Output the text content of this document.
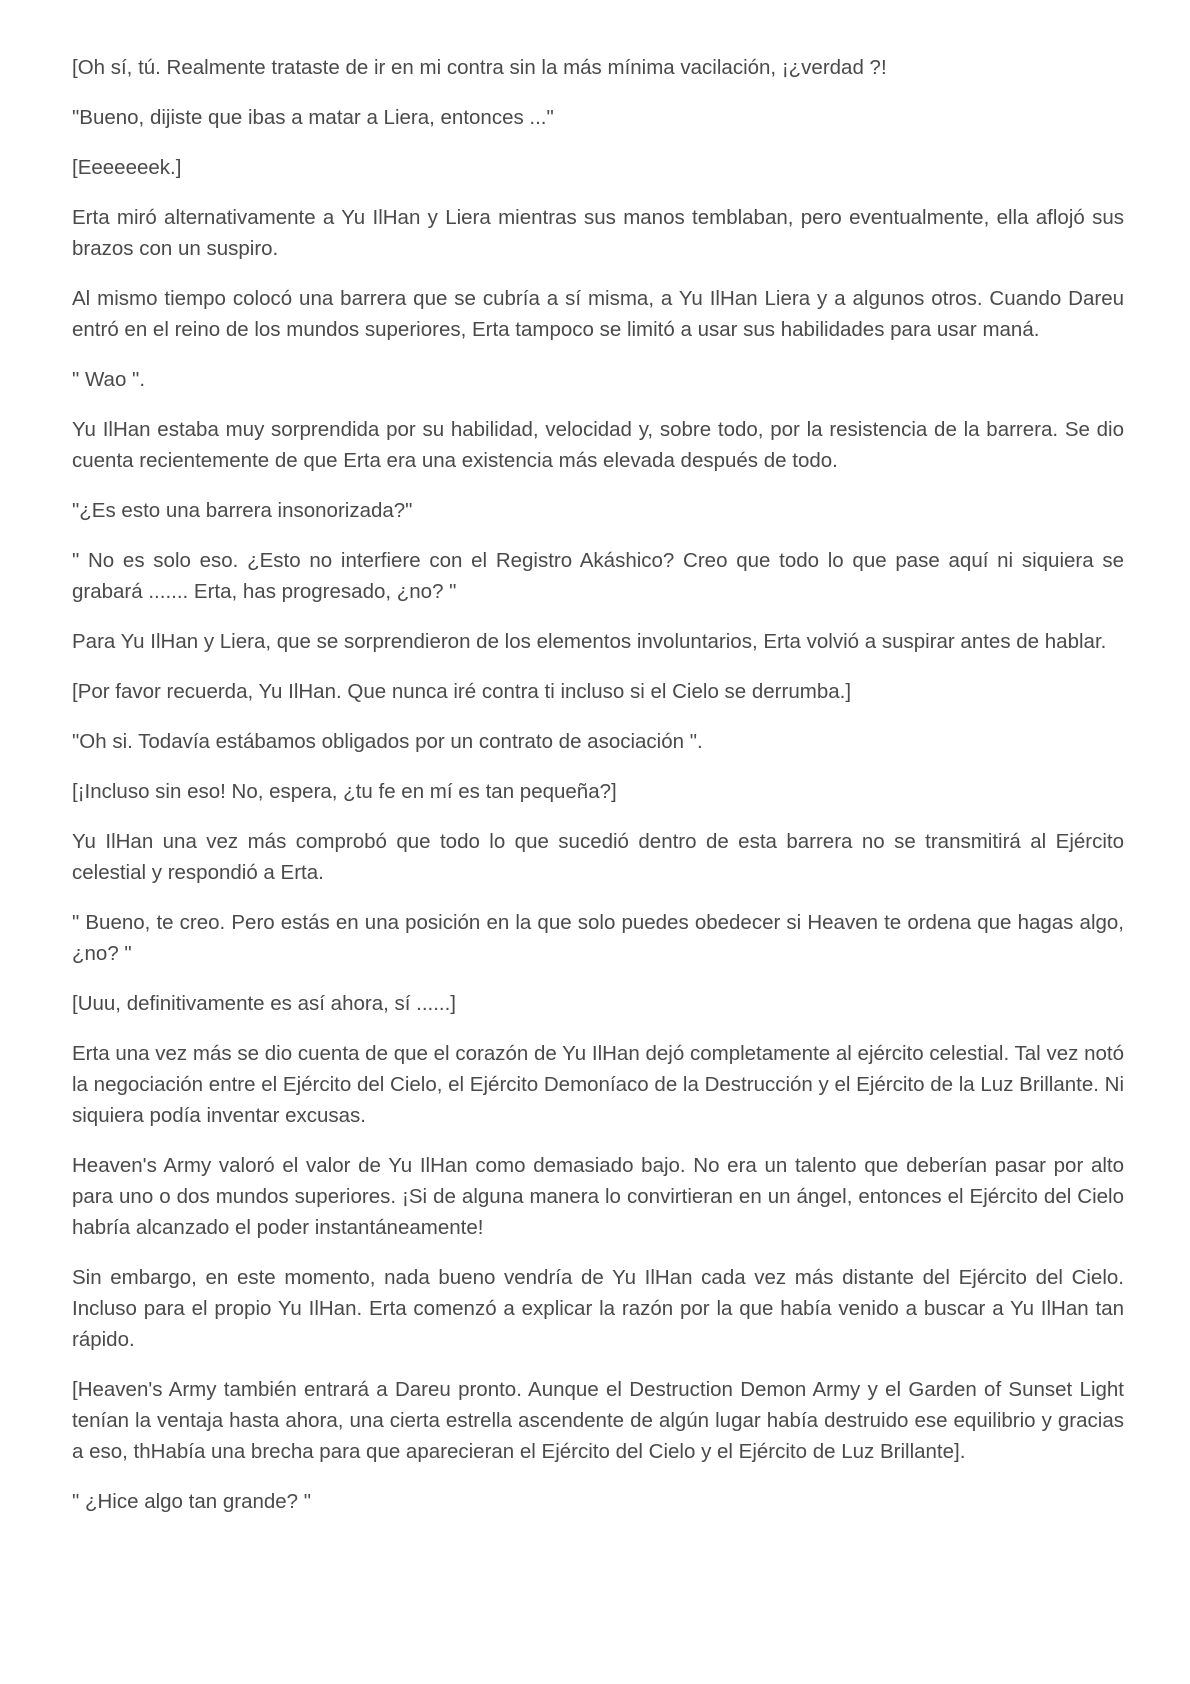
[Oh sí, tú. Realmente trataste de ir en mi contra sin la más mínima vacilación, ¡¿verdad ?!

"Bueno, dijiste que ibas a matar a Liera, entonces ..."

[Eeeeeeek.]

Erta miró alternativamente a Yu IlHan y Liera mientras sus manos temblaban, pero eventualmente, ella aflojó sus brazos con un suspiro.

Al mismo tiempo colocó una barrera que se cubría a sí misma, a Yu IlHan Liera y a algunos otros. Cuando Dareu entró en el reino de los mundos superiores, Erta tampoco se limitó a usar sus habilidades para usar maná.

" Wao ".

Yu IlHan estaba muy sorprendida por su habilidad, velocidad y, sobre todo, por la resistencia de la barrera. Se dio cuenta recientemente de que Erta era una existencia más elevada después de todo.

"¿Es esto una barrera insonorizada?"

" No es solo eso. ¿Esto no interfiere con el Registro Akáshico? Creo que todo lo que pase aquí ni siquiera se grabará ....... Erta, has progresado, ¿no? "

Para Yu IlHan y Liera, que se sorprendieron de los elementos involuntarios, Erta volvió a suspirar antes de hablar.

[Por favor recuerda, Yu IlHan. Que nunca iré contra ti incluso si el Cielo se derrumba.]

"Oh si. Todavía estábamos obligados por un contrato de asociación ".

[¡Incluso sin eso! No, espera, ¿tu fe en mí es tan pequeña?]

Yu IlHan una vez más comprobó que todo lo que sucedió dentro de esta barrera no se transmitirá al Ejército celestial y respondió a Erta.

" Bueno, te creo. Pero estás en una posición en la que solo puedes obedecer si Heaven te ordena que hagas algo, ¿no? "

[Uuu, definitivamente es así ahora, sí ......]

Erta una vez más se dio cuenta de que el corazón de Yu IlHan dejó completamente al ejército celestial. Tal vez notó la negociación entre el Ejército del Cielo, el Ejército Demoníaco de la Destrucción y el Ejército de la Luz Brillante. Ni siquiera podía inventar excusas.

Heaven's Army valoró el valor de Yu IlHan como demasiado bajo. No era un talento que deberían pasar por alto para uno o dos mundos superiores. ¡Si de alguna manera lo convirtieran en un ángel, entonces el Ejército del Cielo habría alcanzado el poder instantáneamente!

Sin embargo, en este momento, nada bueno vendría de Yu IlHan cada vez más distante del Ejército del Cielo. Incluso para el propio Yu IlHan. Erta comenzó a explicar la razón por la que había venido a buscar a Yu IlHan tan rápido.

[Heaven's Army también entrará a Dareu pronto. Aunque el Destruction Demon Army y el Garden of Sunset Light tenían la ventaja hasta ahora, una cierta estrella ascendente de algún lugar había destruido ese equilibrio y gracias a eso, thHabía una brecha para que aparecieran el Ejército del Cielo y el Ejército de Luz Brillante].

" ¿Hice algo tan grande? "
